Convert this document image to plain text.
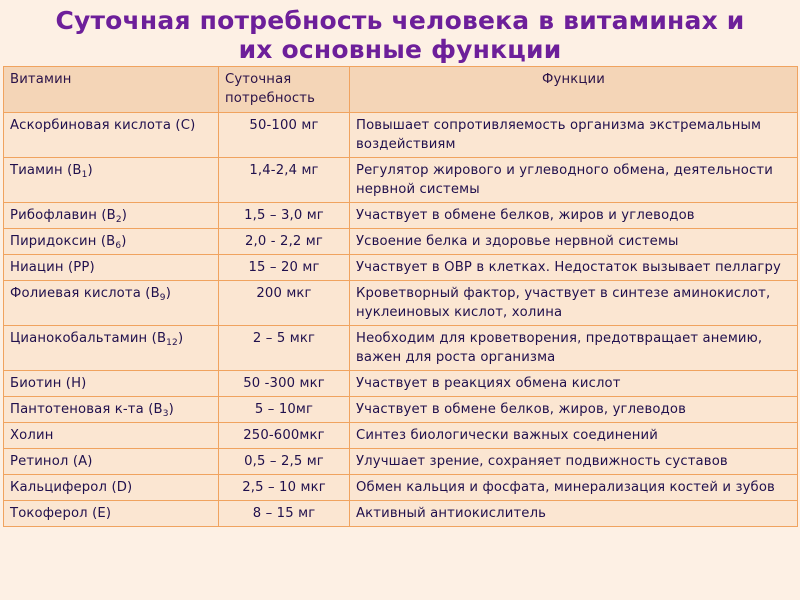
Суточная потребность человека в витаминах и
их основные функции
Витамин	Суточная потребность	Функции
Аскорбиновая кислота (С)	50-100 мг	Повышает сопротивляемость организма экстремальным воздействиям
Тиамин $(В_1)$	1,4-2,4 мг	Регулятор жирового и углеводного обмена, деятельности нервной системы
Рибофлавин $(В_2)$	1,5 – 3,0 мг	Участвует в обмене белков, жиров и углеводов
Пиридоксин $(В_6)$	2,0 - 2,2 мг	Усвоение белка и здоровье нервной системы
Ниацин (РР)	15 – 20 мг	Участвует в ОВР в клетках. Недостаток вызывает пеллагру
Фолиевая кислота $(В_9)$	200 мкг	Кроветворный фактор, участвует в синтезе аминокислот, нуклеиновых кислот, холина
Цианокобальтамин $(В_{12})$	2 – 5 мкг	Необходим для кроветворения, предотвращает анемию, важен для роста организма
Биотин (Н)	50 -300 мкг	Участвует в реакциях обмена кислот
Пантотеновая к-та $(В_3)$	5 – 10мг	Участвует в обмене белков, жиров, углеводов
Холин	250-600мкг	Синтез биологически важных соединений
Ретинол (А)	0,5 – 2,5 мг	Улучшает зрение, сохраняет подвижность суставов
Кальциферол (D)	2,5 – 10 мкг	Обмен кальция и фосфата, минерализация костей и зубов
Токоферол (Е)	8 – 15 мг	Активный антиокислитель
